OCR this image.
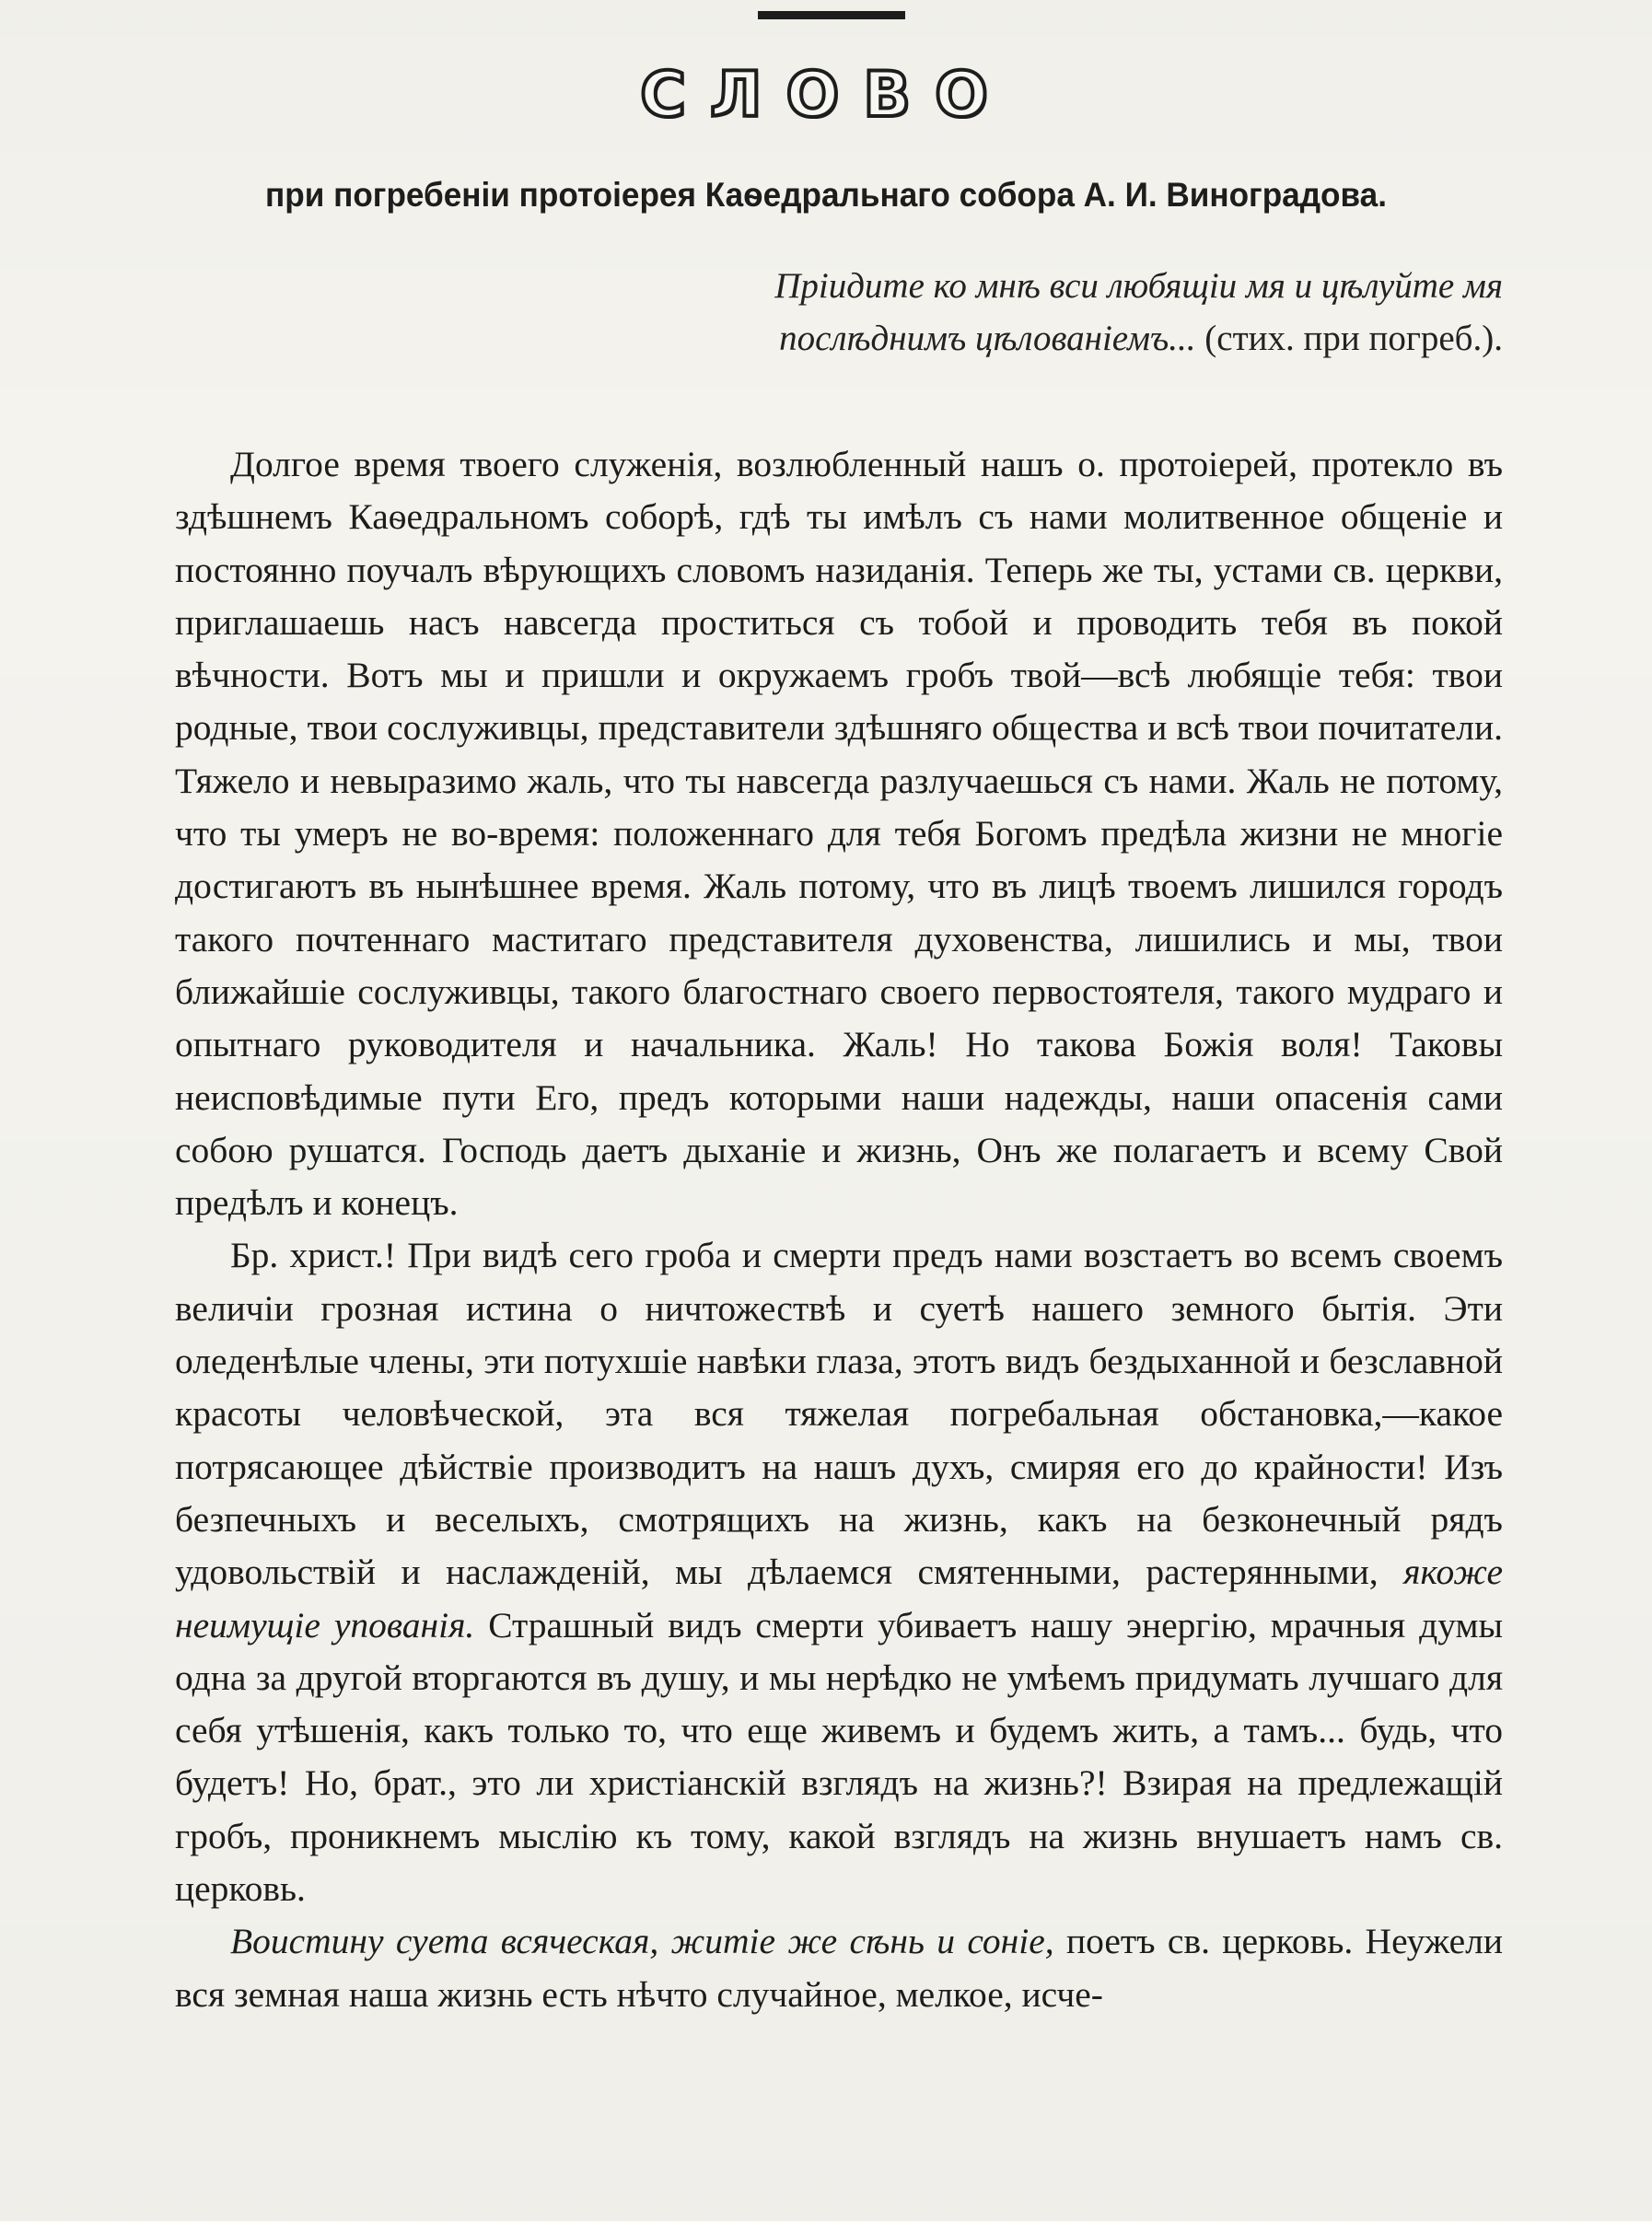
СЛОВО
при погребеніи протоіерея Каѳедральнаго собора А. И. Виноградова.
Пріидите ко мнѣ вси любящіи мя и цѣлуйте мя послѣднимъ цѣлованіемъ... (стих. при погреб.).

Долгое время твоего служенія, возлюбленный нашъ о. протоіерей, протекло въ здѣшнемъ Каѳедральномъ соборѣ, гдѣ ты имѣлъ съ нами молитвенное общеніе и постоянно поучалъ вѣрующихъ словомъ назиданія. Теперь же ты, устами св. церкви, приглашаешь насъ навсегда проститься съ тобой и проводить тебя въ покой вѣчности. Вотъ мы и пришли и окружаемъ гробъ твой—всѣ любящіе тебя: твои родные, твои сослуживцы, представители здѣшняго общества и всѣ твои почитатели. Тяжело и невыразимо жаль, что ты навсегда разлучаешься съ нами. Жаль не потому, что ты умеръ не во-время: положеннаго для тебя Богомъ предѣла жизни не многіе достигаютъ въ нынѣшнее время. Жаль потому, что въ лицѣ твоемъ лишился городъ такого почтеннаго маститаго представителя духовенства, лишились и мы, твои ближайшіе сослуживцы, такого благостнаго своего первостоятеля, такого мудраго и опытнаго руководителя и начальника. Жаль! Но такова Божія воля! Таковы неисповѣдимые пути Его, предъ которыми наши надежды, наши опасенія сами собою рушатся. Господь даетъ дыханіе и жизнь, Онъ же полагаетъ и всему Свой предѣлъ и конецъ.

Бр. христ.! При видѣ сего гроба и смерти предъ нами возстаетъ во всемъ своемъ величіи грозная истина о ничтожествѣ и суетѣ нашего земного бытія. Эти оледенѣлые члены, эти потухшіе навѣки глаза, этотъ видъ бездыханной и безславной красоты человѣческой, эта вся тяжелая погребальная обстановка,—какое потрясающее дѣйствіе производитъ на нашъ духъ, смиряя его до крайности! Изъ безпечныхъ и веселыхъ, смотрящихъ на жизнь, какъ на безконечный рядъ удовольствій и наслажденій, мы дѣлаемся смятенными, растерянными, якоже неимущіе упованія. Страшный видъ смерти убиваетъ нашу энергію, мрачныя думы одна за другой вторгаются въ душу, и мы нерѣдко не умѣемъ придумать лучшаго для себя утѣшенія, какъ только то, что еще живемъ и будемъ жить, а тамъ... будь, что будетъ! Но, брат., это ли христіанскій взглядъ на жизнь?! Взирая на предлежащій гробъ, проникнемъ мыслію къ тому, какой взглядъ на жизнь внушаетъ намъ св. церковь.

Воистину суета всяческая, житіе же сѣнь и соніе, поетъ св. церковь. Неужели вся земная наша жизнь есть нѣчто случайное, мелкое, исче-
